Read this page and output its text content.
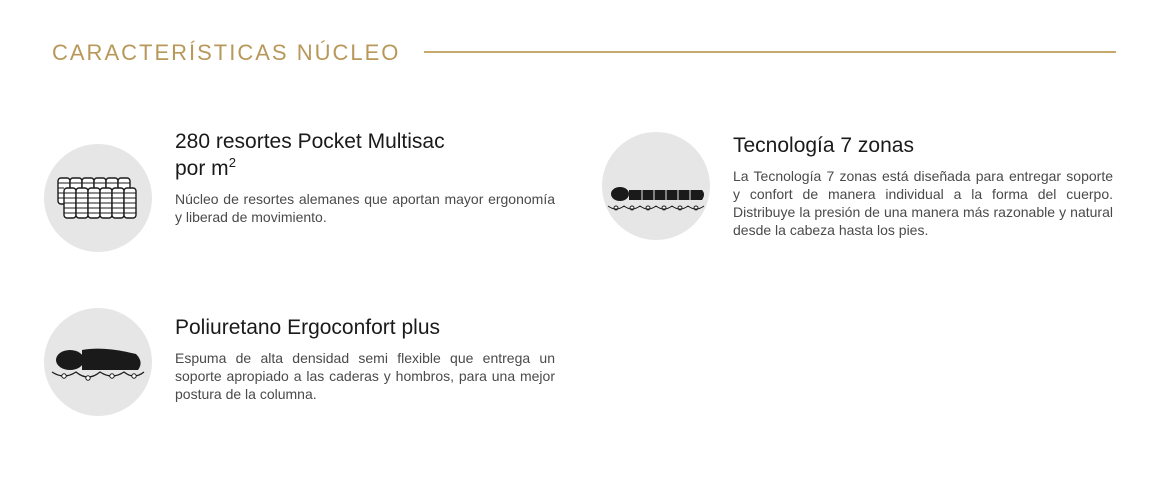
CARACTERÍSTICAS NÚCLEO
280 resortes Pocket Multisac
por $m^2$

Núcleo de resortes alemanes que aportan mayor ergonomía y liberad de movimiento.

Tecnología 7 zonas

La Tecnología 7 zonas está diseñada para entregar soporte y confort de manera individual a la forma del cuerpo. Distribuye la presión de una manera más razonable y natural desde la cabeza hasta los pies.

Poliuretano Ergoconfort plus

Espuma de alta densidad semi flexible que entrega un soporte apropiado a las caderas y hombros, para una mejor postura de la columna.
